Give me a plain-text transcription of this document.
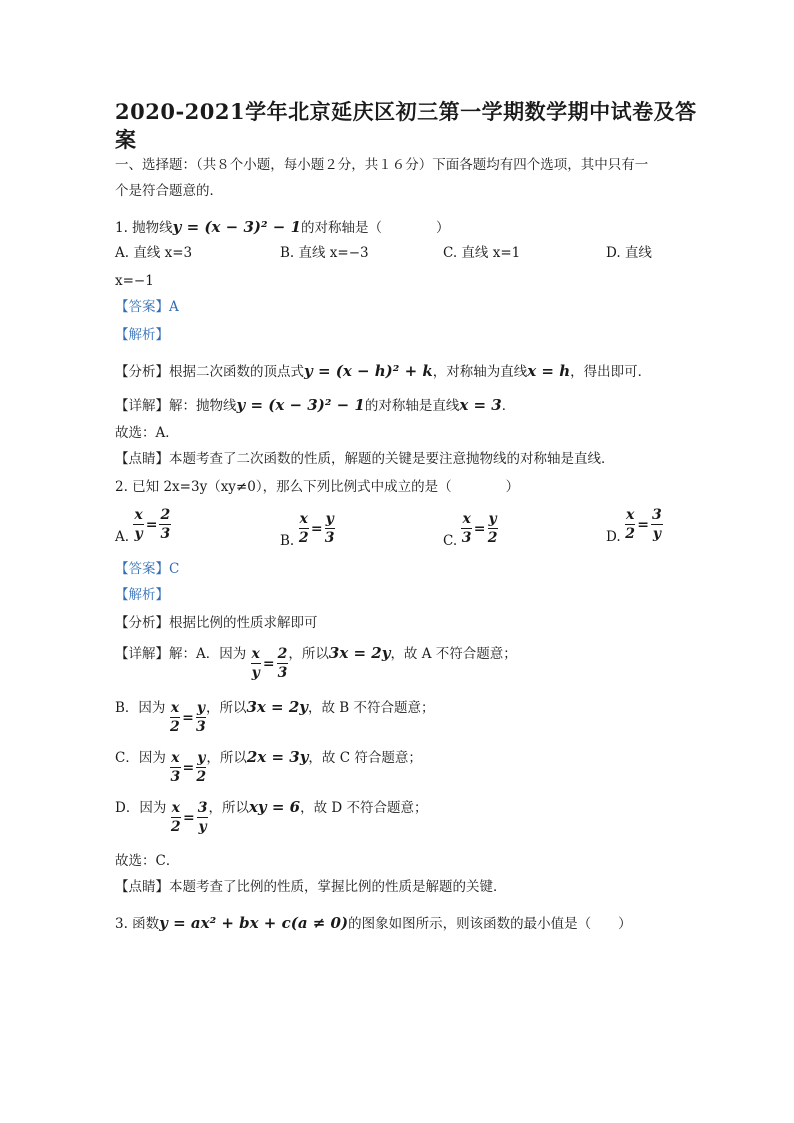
2020-2021学年北京延庆区初三第一学期数学期中试卷及答
案
一、选择题：（共８个小题，每小题２分，共１６分）下面各题均有四个选项，其中只有一
个是符合题意的．
1. 抛物线y = (x − 3)² − 1的对称轴是（　　　　）
A. 直线 x=3	B. 直线 x=−3	C. 直线 x=1	D. 直线
x=−1
【答案】A
【解析】
【分析】根据二次函数的顶点式y = (x − h)² + k，对称轴为直线x = h，得出即可．
【详解】解：抛物线y = (x − 3)² − 1的对称轴是直线x = 3．
故选：A．
【点睛】本题考查了二次函数的性质，解题的关键是要注意抛物线的对称轴是直线．
2. 已知 2x=3y（xy≠0），那么下列比例式中成立的是（　　　　）
A. $\frac{x}{y} = \frac{2}{3}$	B. $\frac{x}{2} = \frac{y}{3}$	C. $\frac{x}{3} = \frac{y}{2}$	D. $\frac{x}{2} = \frac{3}{y}$
【答案】C
【解析】
【分析】根据比例的性质求解即可
【详解】解：A．因为 $\frac{x}{y} = \frac{2}{3}$ ，所以3x = 2y，故 A 不符合题意；
B．因为 $\frac{x}{2} = \frac{y}{3}$ ，所以3x = 2y，故 B 不符合题意；
C．因为 $\frac{x}{3} = \frac{y}{2}$ ，所以2x = 3y，故 C 符合题意；
D．因为 $\frac{x}{2} = \frac{3}{y}$ ，所以xy = 6，故 D 不符合题意；
故选：C．
【点睛】本题考查了比例的性质，掌握比例的性质是解题的关键．
3. 函数y = ax² + bx + c(a ≠ 0)的图象如图所示，则该函数的最小值是（　　）
